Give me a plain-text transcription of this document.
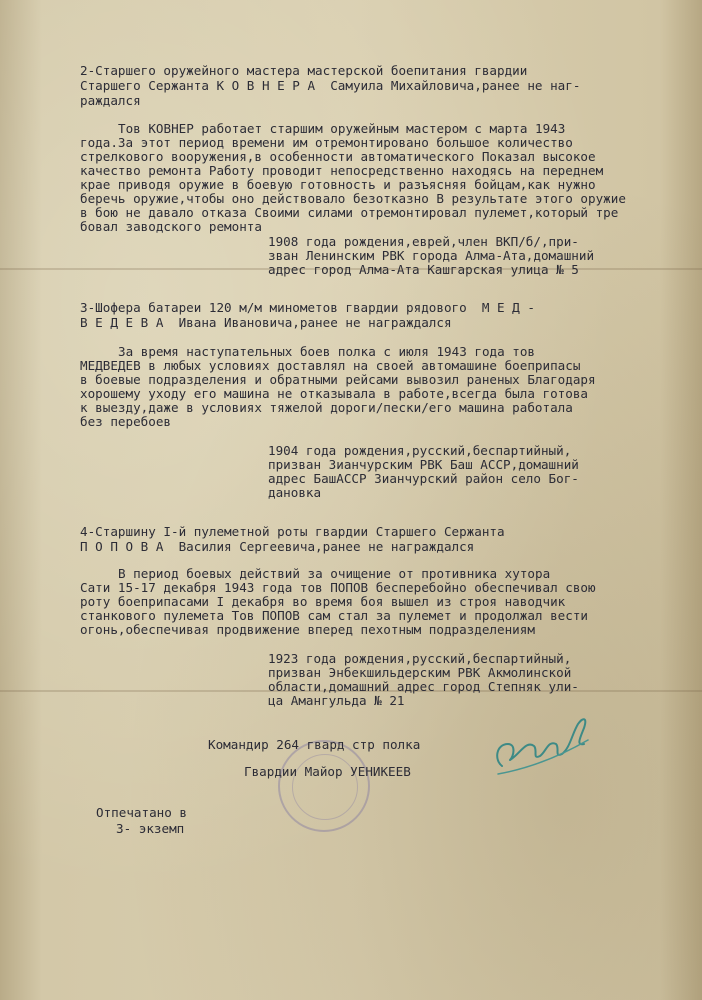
2-Старшего оружейного мастера мастерской боепитания гвардии
Старшего Сержанта К О В Н Е Р А  Самуила Михайловича,ранее не наг-
раждался
Тов КОВНЕР работает старшим оружейным мастером с марта 1943
года.За этот период времени им отремонтировано большое количество
стрелкового вооружения,в особенности автоматического Показал высокое
качество ремонта Работу проводит непосредственно находясь на переднем
крае приводя оружие в боевую готовность и разъясняя бойцам,как нужно
беречь оружие,чтобы оно действовало безотказно В результате этого оружие
в бою не давало отказа Своими силами отремонтировал пулемет,который тре
бовал заводского ремонта
1908 года рождения,еврей,член ВКП/б/,при-
зван Ленинским РВК города Алма-Ата,домашний
адрес город Алма-Ата Кашгарская улица № 5
3-Шофера батареи 120 м/м минометов гвардии рядового  М Е Д -
В Е Д Е В А  Ивана Ивановича,ранее не награждался
За время наступательных боев полка с июля 1943 года тов
МЕДВЕДЕВ в любых условиях доставлял на своей автомашине боеприпасы
в боевые подразделения и обратными рейсами вывозил раненых Благодаря
хорошему уходу его машина не отказывала в работе,всегда была готова
к выезду,даже в условиях тяжелой дороги/пески/его машина работала
без перебоев
1904 года рождения,русский,беспартийный,
призван Зианчурским РВК Баш АССР,домашний
адрес БашАССР Зианчурский район село Бог-
дановка
4-Старшину I-й пулеметной роты гвардии Старшего Сержанта
П О П О В А  Василия Сергеевича,ранее не награждался
В период боевых действий за очищение от противника хутора
Сати 15-17 декабря 1943 года тов ПОПОВ бесперебойно обеспечивал свою
роту боеприпасами I декабря во время боя вышел из строя наводчик
станкового пулемета Тов ПОПОВ сам стал за пулемет и продолжал вести
огонь,обеспечивая продвижение вперед пехотным подразделениям
1923 года рождения,русский,беспартийный,
призван Энбекшильдерским РВК Акмолинской
области,домашний адрес город Степняк ули-
ца Амангульдa № 21
Командир 264 гвард стр полка
Гвардии Майор УЕНИКЕЕВ
Отпечатано в
3- экземп
